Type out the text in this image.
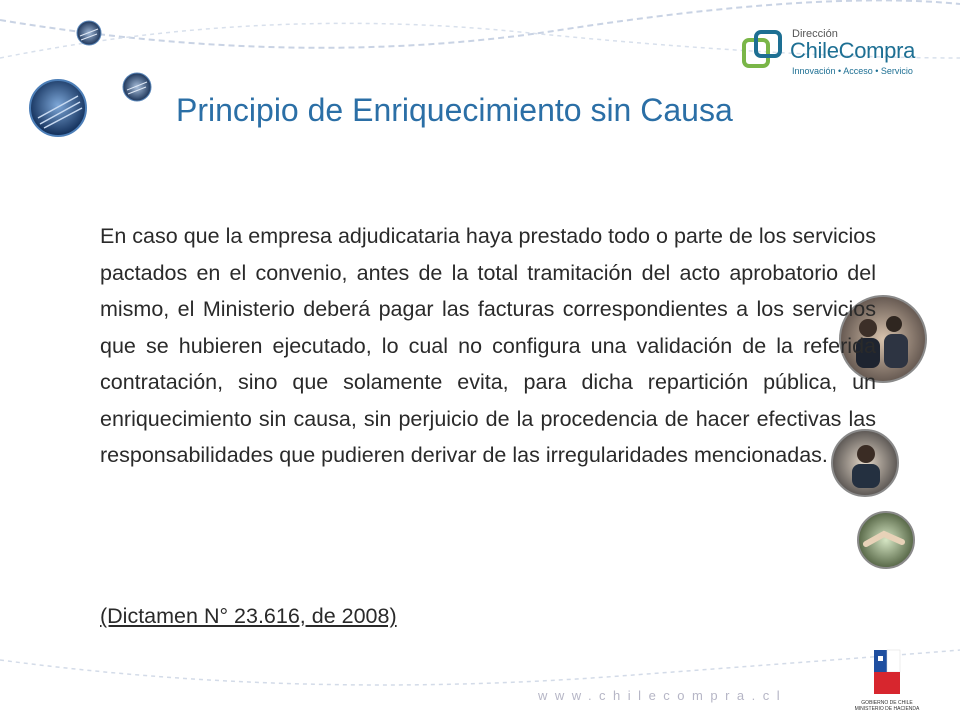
Dirección
ChileCompra
Innovación • Acceso • Servicio
Principio de Enriquecimiento sin Causa

En caso que la empresa adjudicataria haya prestado todo o parte de los servicios pactados en el convenio, antes de la total tramitación del acto aprobatorio del mismo, el Ministerio deberá pagar las facturas correspondientes a los servicios que se hubieren ejecutado, lo cual no configura una validación de la referida contratación, sino que solamente evita, para dicha repartición pública, un enriquecimiento sin causa, sin perjuicio de la procedencia de hacer efectivas las responsabilidades que pudieren derivar de las irregularidades mencionadas.

(Dictamen N° 23.616, de 2008)
www.chilecompra.cl	GOBIERNO DE CHILE
MINISTERIO DE HACIENDA
